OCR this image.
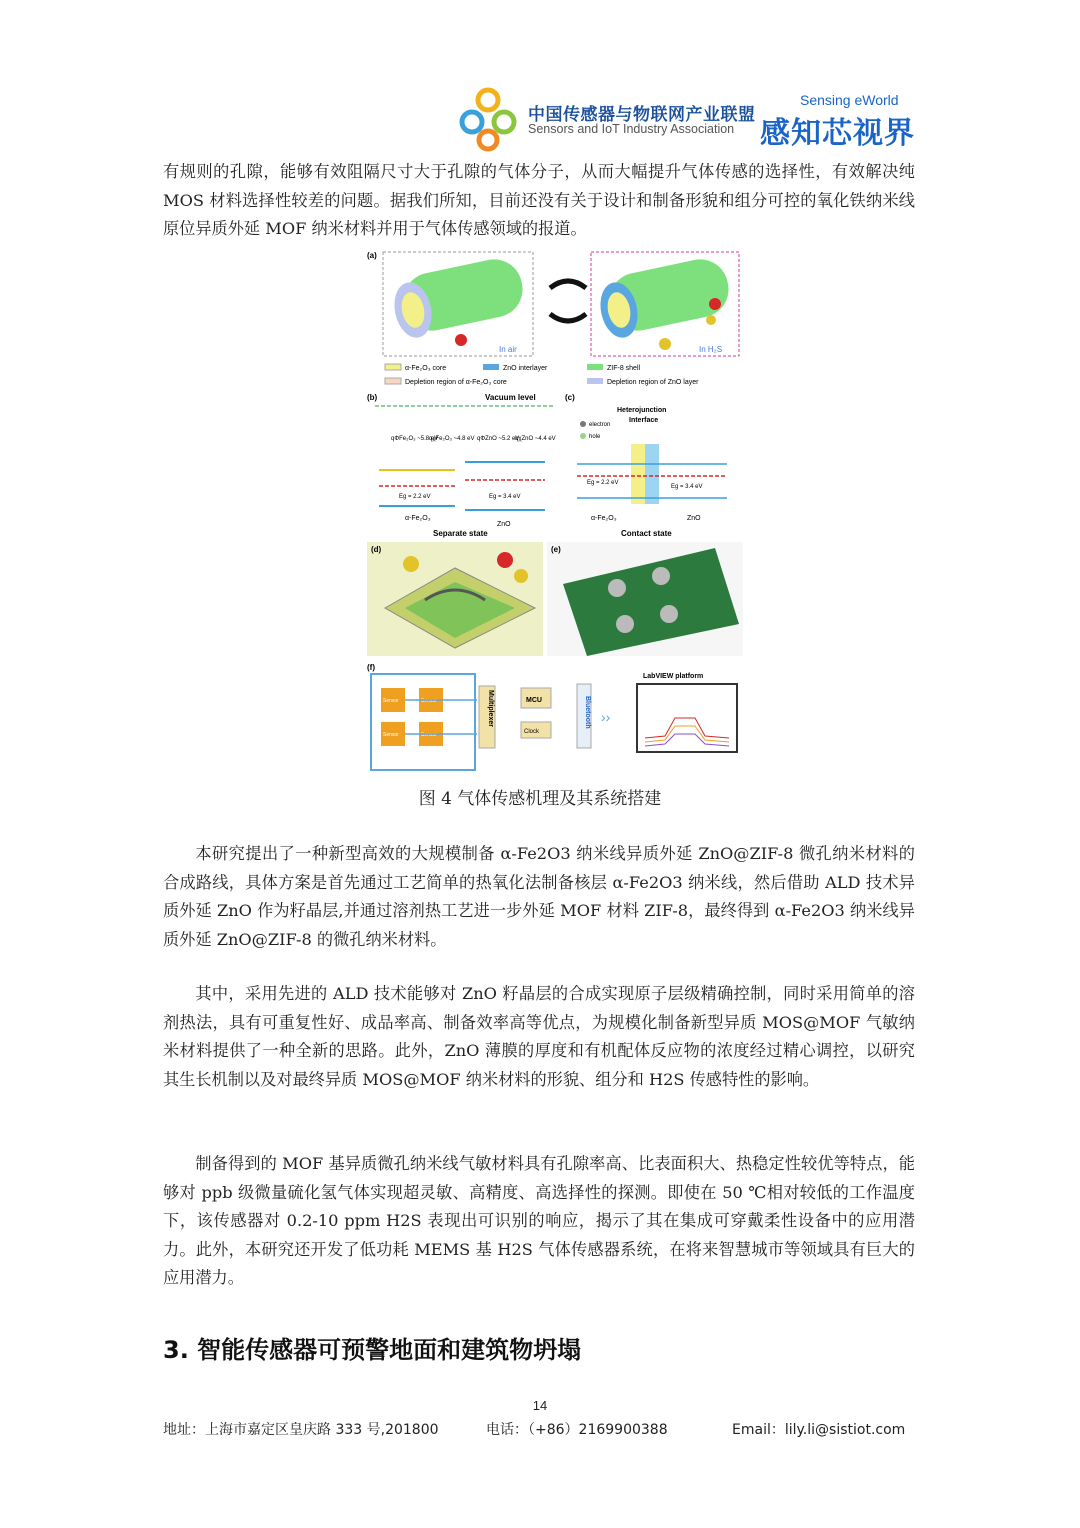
中国传感器与物联网产业联盟
Sensors and IoT Industry Association
Sensing eWorld
感知芯视界

有规则的孔隙，能够有效阻隔尺寸大于孔隙的气体分子，从而大幅提升气体传感的选择性，有效解决纯 MOS 材料选择性较差的问题。据我们所知，目前还没有关于设计和制备形貌和组分可控的氧化铁纳米线原位异质外延 MOF 纳米材料并用于气体传感领域的报道。

(a)
In air	In H₂S
α-Fe₂O₃ core	ZnO interlayer	ZIF-8 shell
Depletion region of α-Fe₂O₃ core	Depletion region of ZnO layer
(b)	Vacuum level
qΦFe₂O₃ ~5.8 eV
qχFe₂O₃ ~4.8 eV qΦZnO ~5.2 eV
qχZnO ~4.4 eV
Eg = 2.2 eV	Eg = 3.4 eV
α-Fe₂O₃
ZnO
Separate state
(c)
Heterojunction
Interface
electron
hole
Eg = 2.2 eV
Eg = 3.4 eV
α-Fe₂O₃	ZnO
Contact state
(d)	(e)
(f)
Sensor	Sensor
Sensor	Sensor
Multiplexer	MCU
Clock
Bluetooth ››
LabVIEW platform
图 4 气体传感机理及其系统搭建

本研究提出了一种新型高效的大规模制备 α-Fe2O3 纳米线异质外延 ZnO@ZIF-8 微孔纳米材料的合成路线，具体方案是首先通过工艺简单的热氧化法制备核层 α-Fe2O3 纳米线，然后借助 ALD 技术异质外延 ZnO 作为籽晶层,并通过溶剂热工艺进一步外延 MOF 材料 ZIF-8，最终得到 α-Fe2O3 纳米线异质外延 ZnO@ZIF-8 的微孔纳米材料。

其中，采用先进的 ALD 技术能够对 ZnO 籽晶层的合成实现原子层级精确控制，同时采用简单的溶剂热法，具有可重复性好、成品率高、制备效率高等优点，为规模化制备新型异质 MOS@MOF 气敏纳米材料提供了一种全新的思路。此外，ZnO 薄膜的厚度和有机配体反应物的浓度经过精心调控，以研究其生长机制以及对最终异质 MOS@MOF 纳米材料的形貌、组分和 H2S 传感特性的影响。

制备得到的 MOF 基异质微孔纳米线气敏材料具有孔隙率高、比表面积大、热稳定性较优等特点，能够对 ppb 级微量硫化氢气体实现超灵敏、高精度、高选择性的探测。即使在 50 ℃相对较低的工作温度下，该传感器对 0.2-10 ppm H2S 表现出可识别的响应，揭示了其在集成可穿戴柔性设备中的应用潜力。此外，本研究还开发了低功耗 MEMS 基 H2S 气体传感器系统，在将来智慧城市等领域具有巨大的应用潜力。

3. 智能传感器可预警地面和建筑物坍塌
14
地址：上海市嘉定区皇庆路 333 号,201800	电话：（+86）2169900388	Email：lily.li@sistiot.com
